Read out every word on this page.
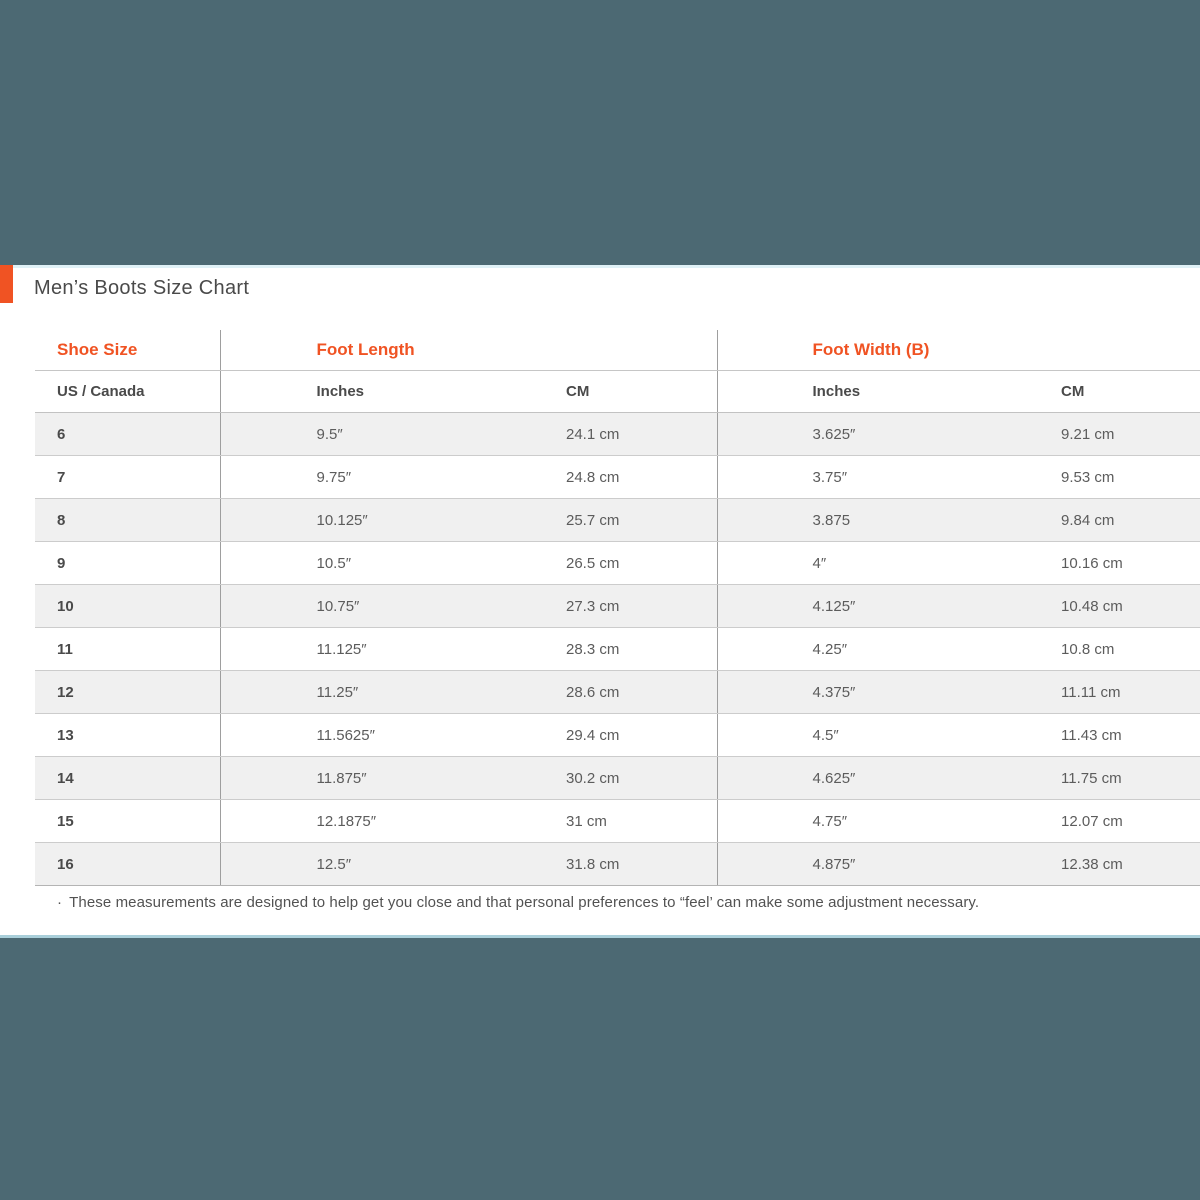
Men’s Boots Size Chart
Shoe Size	Foot Length		Foot Width (B)	
US / Canada	Inches	CM	Inches	CM
6	9.5″	24.1 cm	3.625″	9.21 cm
7	9.75″	24.8 cm	3.75″	9.53 cm
8	10.125″	25.7 cm	3.875	9.84 cm
9	10.5″	26.5 cm	4″	10.16 cm
10	10.75″	27.3 cm	4.125″	10.48 cm
11	11.125″	28.3 cm	4.25″	10.8 cm
12	11.25″	28.6 cm	4.375″	11.11 cm
13	11.5625″	29.4 cm	4.5″	11.43 cm
14	11.875″	30.2 cm	4.625″	11.75 cm
15	12.1875″	31 cm	4.75″	12.07 cm
16	12.5″	31.8 cm	4.875″	12.38 cm

· These measurements are designed to help get you close and that personal preferences to “feel’ can make some adjustment necessary.
